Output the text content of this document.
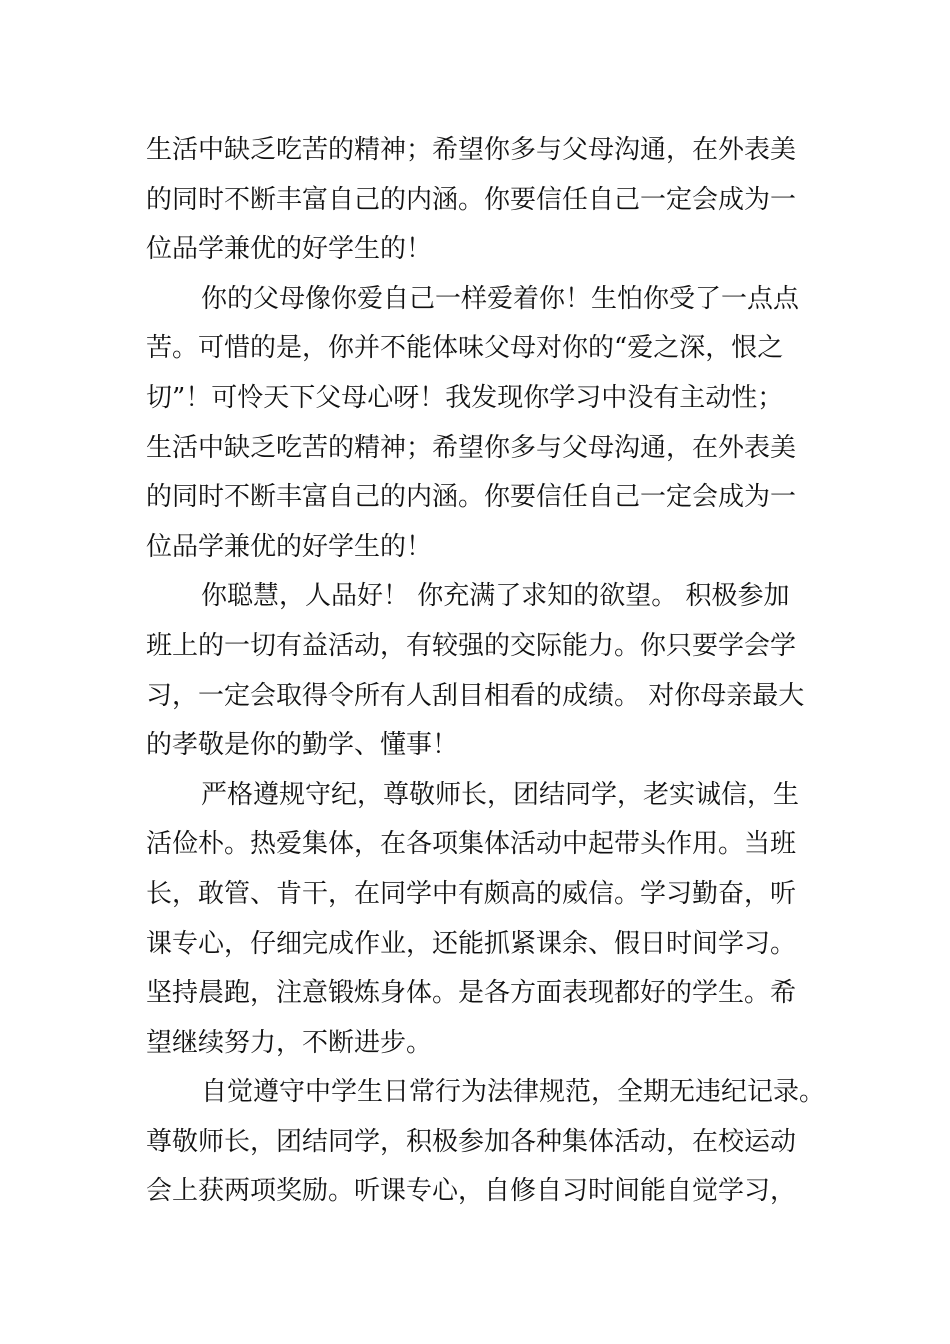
生活中缺乏吃苦的精神；希望你多与父母沟通，在外表美
的同时不断丰富自己的内涵。你要信任自己一定会成为一
位品学兼优的好学生的！
你的父母像你爱自己一样爱着你！生怕你受了一点点
苦。可惜的是，你并不能体味父母对你的“爱之深，恨之
切”！可怜天下父母心呀！我发现你学习中没有主动性；
生活中缺乏吃苦的精神；希望你多与父母沟通，在外表美
的同时不断丰富自己的内涵。你要信任自己一定会成为一
位品学兼优的好学生的！
你聪慧，人品好！ 你充满了求知的欲望。 积极参加
班上的一切有益活动，有较强的交际能力。你只要学会学
习，一定会取得令所有人刮目相看的成绩。 对你母亲最大
的孝敬是你的勤学、懂事！
严格遵规守纪，尊敬师长，团结同学，老实诚信，生
活俭朴。热爱集体，在各项集体活动中起带头作用。当班
长，敢管、肯干，在同学中有颇高的威信。学习勤奋，听
课专心，仔细完成作业，还能抓紧课余、假日时间学习。
坚持晨跑，注意锻炼身体。是各方面表现都好的学生。希
望继续努力，不断进步。
自觉遵守中学生日常行为法律规范，全期无违纪记录。
尊敬师长，团结同学，积极参加各种集体活动，在校运动
会上获两项奖励。听课专心，自修自习时间能自觉学习，
